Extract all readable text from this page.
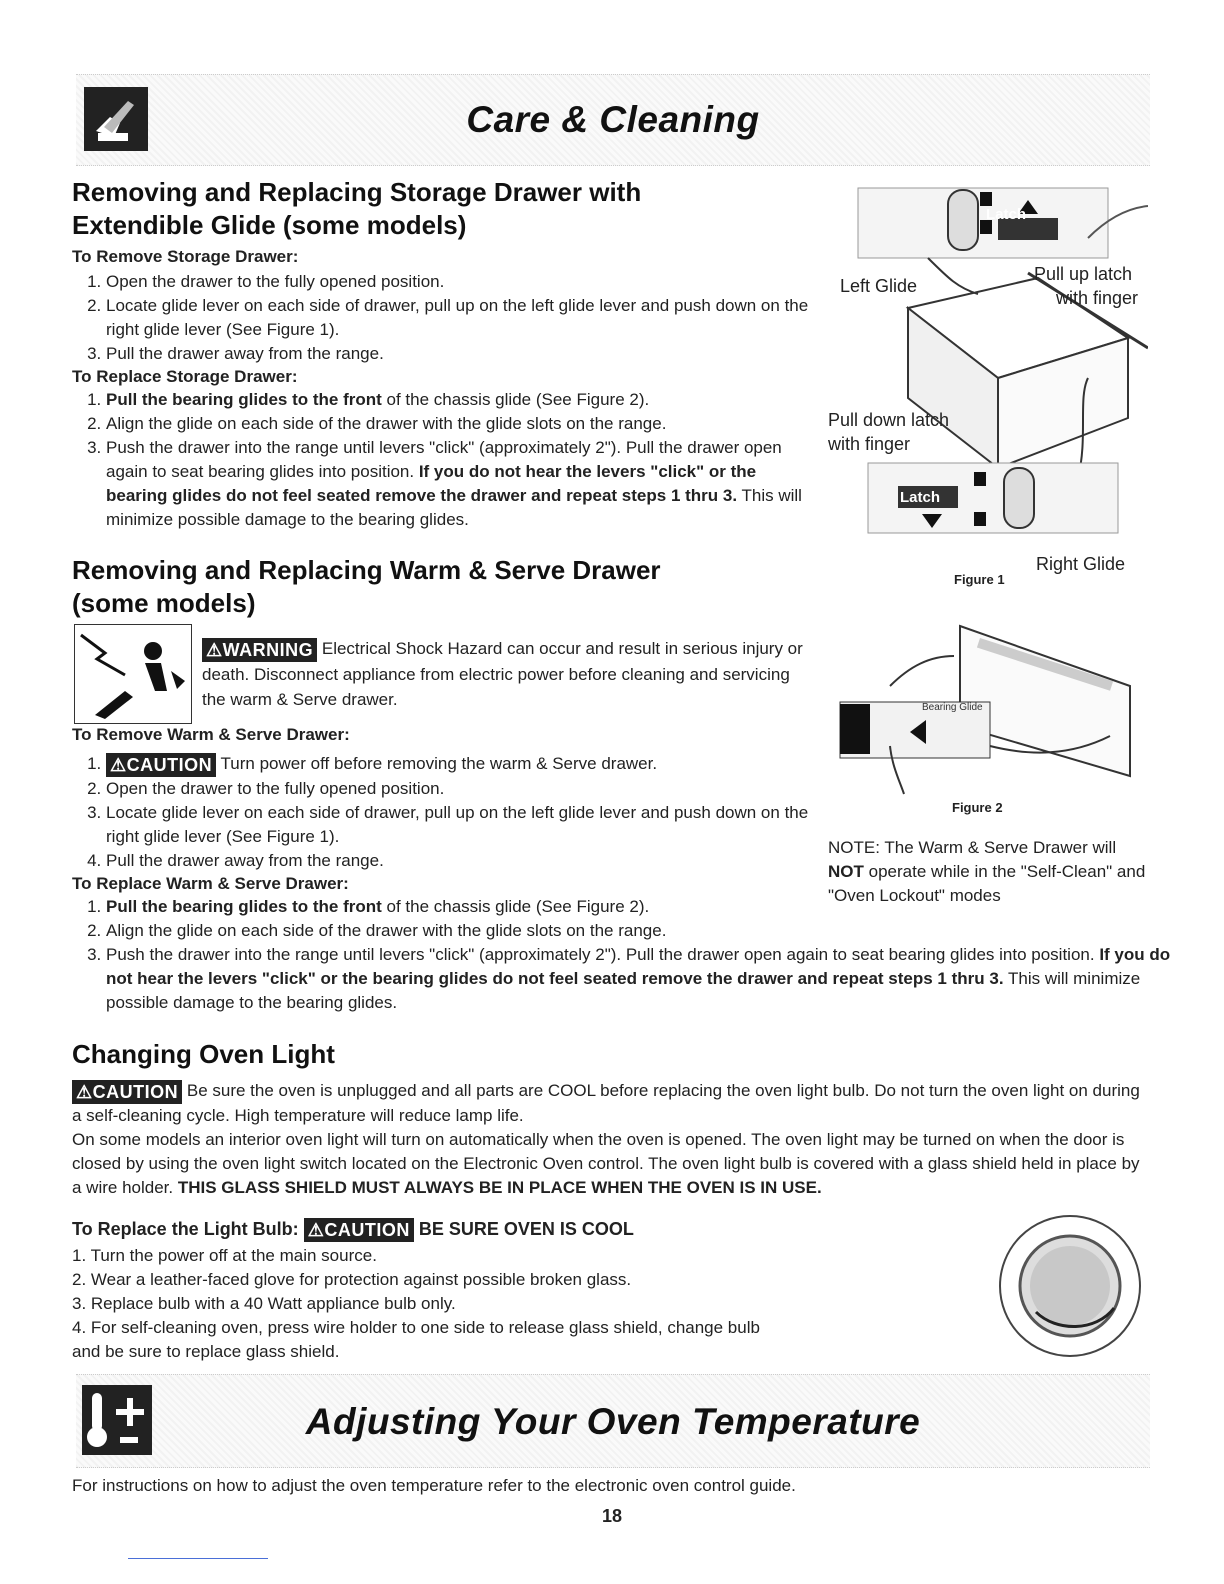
Care & Cleaning
Removing and Replacing Storage Drawer with
Extendible Glide (some models)
To Remove Storage Drawer:
1. Open the drawer to the fully opened position.
2. Locate glide lever on each side of drawer, pull up on the left glide lever and push down on the right glide lever (See Figure 1).
3. Pull the drawer away from the range.
To Replace Storage Drawer:
1. Pull the bearing glides to the front of the chassis glide (See Figure 2).
2. Align the glide on each side of the drawer with the glide slots on the range.
3. Push the drawer into the range until levers "click" (approximately 2"). Pull the drawer open again to seat bearing glides into position. If you do not hear the levers "click" or the bearing glides do not feel seated remove the drawer and repeat steps 1 thru 3. This will minimize possible damage to the bearing glides.
Latch
Latch
Left Glide
Pull up latch
with finger
Pull down latch
with finger
Right Glide
Figure 1
Removing and Replacing Warm & Serve Drawer
(some models)
⚠WARNING Electrical Shock Hazard can occur and result in serious injury or death. Disconnect appliance from electric power before cleaning and servicing the warm & Serve drawer.
To Remove Warm & Serve Drawer:
1. ⚠CAUTION Turn power off before removing the warm & Serve drawer.
2. Open the drawer to the fully opened position.
3. Locate glide lever on each side of drawer, pull up on the left glide lever and push down on the right glide lever (See Figure 1).
4. Pull the drawer away from the range.
To Replace Warm & Serve Drawer:
1. Pull the bearing glides to the front of the chassis glide (See Figure 2).
2. Align the glide on each side of the drawer with the glide slots on the range.
3. Push the drawer into the range until levers "click" (approximately 2"). Pull the drawer open again to seat bearing glides into position. If you do not hear the levers "click" or the bearing glides do not feel seated remove the drawer and repeat steps 1 thru 3. This will minimize possible damage to the bearing glides.
Bearing Glide
Figure 2
NOTE: The Warm & Serve Drawer will NOT operate while in the "Self-Clean" and "Oven Lockout" modes
Changing Oven Light
⚠CAUTION Be sure the oven is unplugged and all parts are COOL before replacing the oven light bulb. Do not turn the oven light on during a self-cleaning cycle. High temperature will reduce lamp life.
On some models an interior oven light will turn on automatically when the oven is opened. The oven light may be turned on when the door is closed by using the oven light switch located on the Electronic Oven control. The oven light bulb is covered with a glass shield held in place by a wire holder. THIS GLASS SHIELD MUST ALWAYS BE IN PLACE WHEN THE OVEN IS IN USE.
To Replace the Light Bulb: ⚠CAUTION BE SURE OVEN IS COOL
1. Turn the power off at the main source.
2. Wear a leather-faced glove for protection against possible broken glass.
3. Replace bulb with a 40 Watt appliance bulb only.
4. For self-cleaning oven, press wire holder to one side to release glass shield, change bulb
and be sure to replace glass shield.
Adjusting Your Oven Temperature
For instructions on how to adjust the oven temperature refer to the electronic oven control guide.
18
